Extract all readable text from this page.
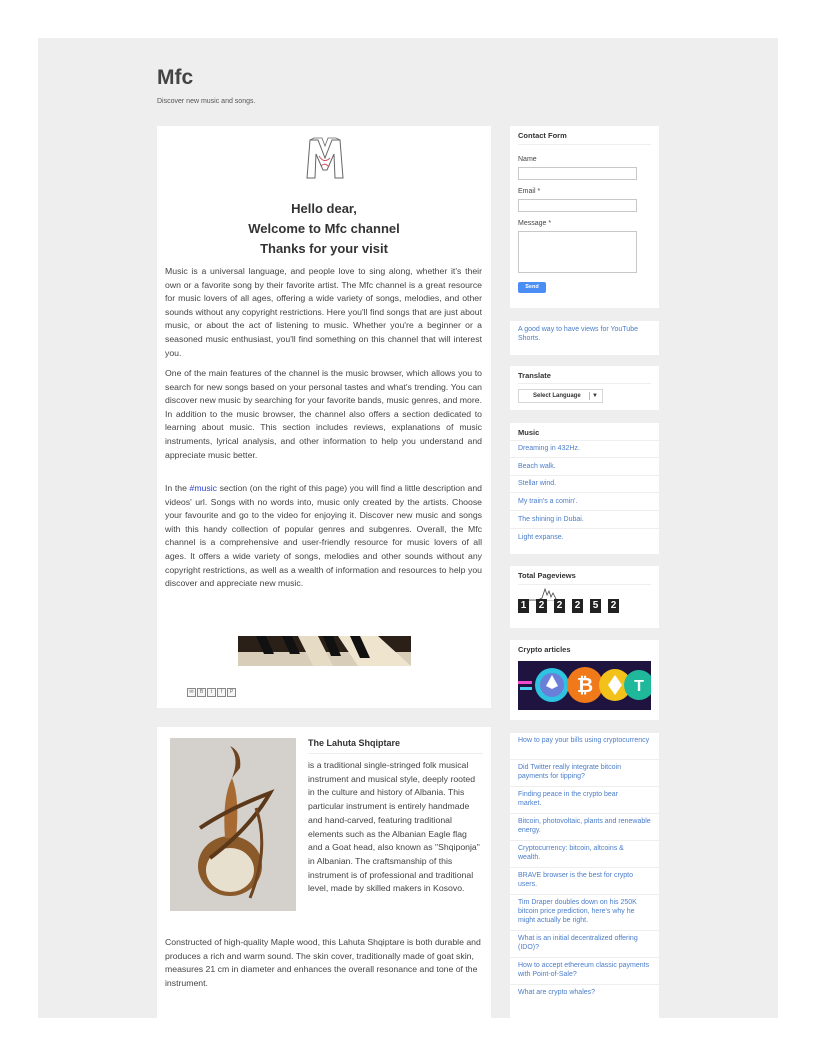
Mfc
Discover new music and songs.
Hello dear,
Welcome to Mfc channel
Thanks for your visit
Music is a universal language, and people love to sing along, whether it's their own or a favorite song by their favorite artist. The Mfc channel is a great resource for music lovers of all ages, offering a wide variety of songs, melodies, and other sounds without any copyright restrictions. Here you'll find songs that are just about music, or about the act of listening to music. Whether you're a beginner or a seasoned music enthusiast, you'll find something on this channel that will interest you.
One of the main features of the channel is the music browser, which allows you to search for new songs based on your personal tastes and what's trending. You can discover new music by searching for your favorite bands, music genres, and more. In addition to the music browser, the channel also offers a section dedicated to learning about music. This section includes reviews, explanations of music instruments, lyrical analysis, and other information to help you understand and appreciate music better.
In the #music section (on the right of this page) you will find a little description and videos' url. Songs with no words into, music only created by the artists. Choose your favourite and go to the video for enjoying it. Discover new music and songs with this handy collection of popular genres and subgenres. Overall, the Mfc channel is a comprehensive and user-friendly resource for music lovers of all ages. It offers a wide variety of songs, melodies and other sounds without any copyright restrictions, as well as a wealth of information and resources to help you discover and appreciate new music.
✉	B	t	f	P
The Lahuta Shqiptare
is a traditional single-stringed folk musical instrument and musical style, deeply rooted in the culture and history of Albania. This particular instrument is entirely handmade and hand-carved, featuring traditional elements such as the Albanian Eagle flag and a Goat head, also known as "Shqiponja" in Albanian. The craftsmanship of this instrument is of professional and traditional level, made by skilled makers in Kosovo.
Constructed of high-quality Maple wood, this Lahuta Shqiptare is both durable and produces a rich and warm sound. The skin cover, traditionally made of goat skin, measures 21 cm in diameter and enhances the overall resonance and tone of the instrument.
Contact Form
Name
Email *
Message *
Send
A good way to have views for YouTube Shorts.
Translate
Select Language ▼
Music
Dreaming in 432Hz.
Beach walk.
Stellar wind.
My train's a comin'.
The shining in Dubai.
Light expanse.
Total Pageviews
1 2 2 2 5 2
Crypto articles
₿	T
How to pay your bills using cryptocurrency
Did Twitter really integrate bitcoin payments for tipping?
Finding peace in the crypto bear market.
Bitcoin, photovoltaic, plants and renewable energy.
Cryptocurrency: bitcoin, altcoins & wealth.
BRAVE browser is the best for crypto users.
Tim Draper doubles down on his 250K bitcoin price prediction, here's why he might actually be right.
What is an initial decentralized offering (IDO)?
How to accept ethereum classic payments with Point-of-Sale?
What are crypto whales?
